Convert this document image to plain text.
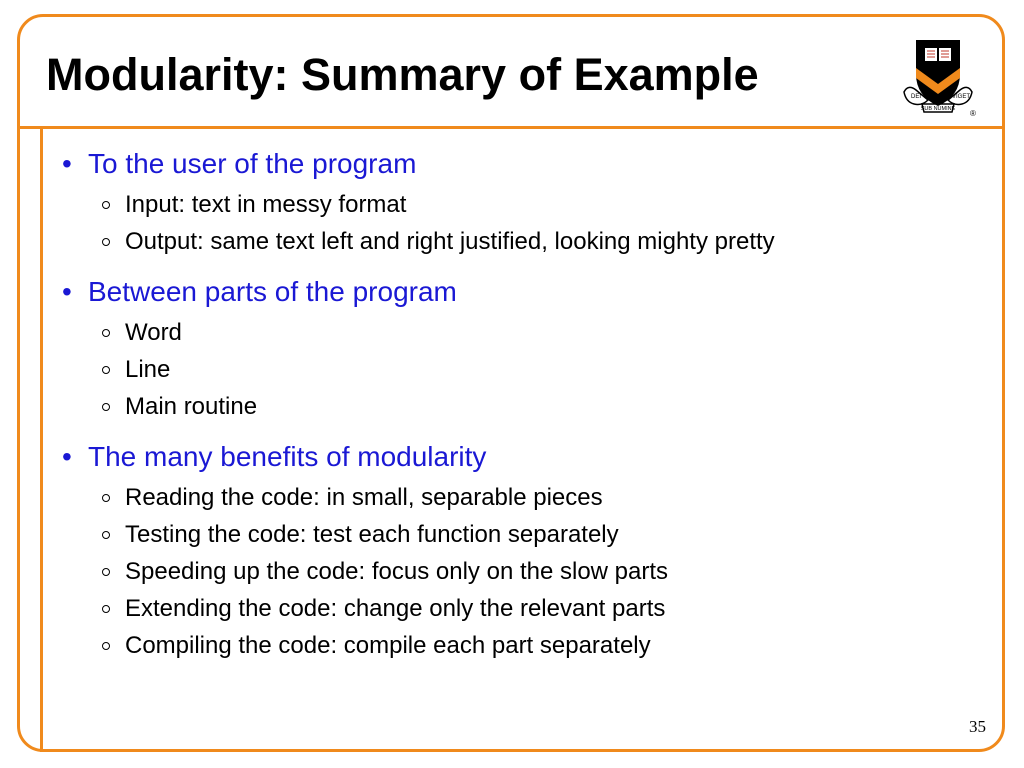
Modularity: Summary of Example	DEI	VIGET
SUB NUMINE ®
• To the user of the program
Input: text in messy format
Output: same text left and right justified, looking mighty pretty
• Between parts of the program
Word
Line
Main routine
• The many benefits of modularity
Reading the code: in small, separable pieces
Testing the code: test each function separately
Speeding up the code: focus only on the slow parts
Extending the code: change only the relevant parts
Compiling the code: compile each part separately
35
